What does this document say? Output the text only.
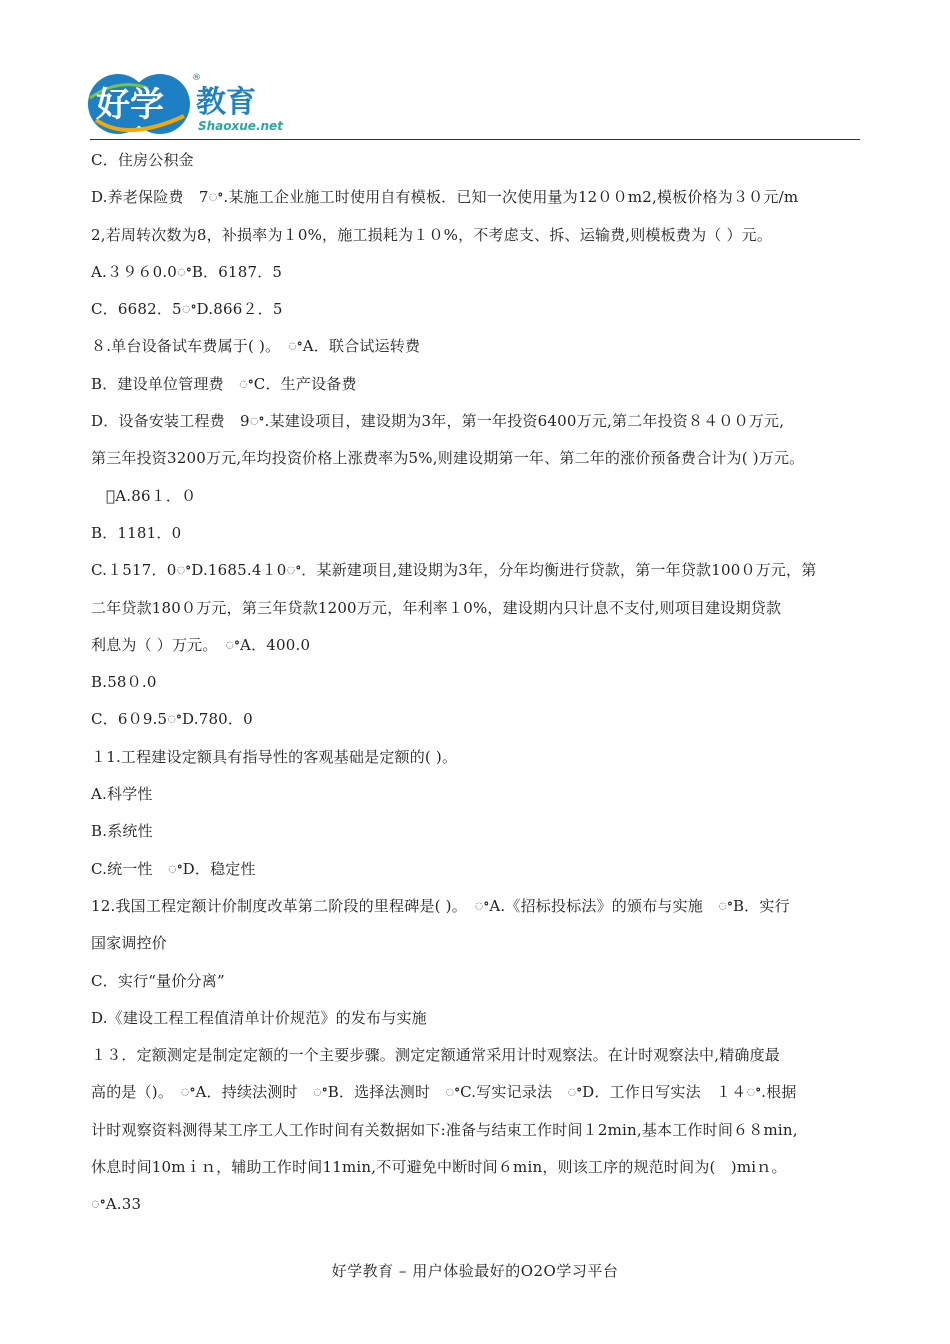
好学 教育
Shaoxue.net
®
C．住房公积金
D.养老保险费　7ꢀ.某施工企业施工时使用自有模板．已知一次使用量为12００m2,模板价格为３０元/m
2,若周转次数为8，补损率为１0%，施工损耗为１０%，不考虑支、拆、运输费,则模板费为（ ）元。
A.３９６0.0ꢀB．6187．5
C．6682．5ꢀD.866２．5
８.单台设备试车费属于( )。　ꢀA．联合试运转费
B．建设单位管理费　ꢀC．生产设备费
D．设备安装工程费　9ꢀ.某建设项目，建设期为3年，第一年投资6400万元,第二年投资８４００万元,
第三年投资3200万元,年均投资价格上涨费率为5%,则建设期第一年、第二年的涨价预备费合计为( )万元。
　ꢀA.86１．０
B．1181．0
C.１517．0ꢀD.1685.4１0ꢀ．某新建项目,建设期为3年，分年均衡进行贷款，第一年贷款100０万元，第
二年贷款180０万元，第三年贷款1200万元，年利率１0%，建设期内只计息不支付,则项目建设期贷款
利息为（ ）万元。　ꢀA．400.0
B.58０.0
C．6０9.5ꢀD.780．0
１1.工程建设定额具有指导性的客观基础是定额的( )。
A.科学性
B.系统性
C.统一性　ꢀD．稳定性
12.我国工程定额计价制度改革第二阶段的里程碑是( )。　ꢀA.《招标投标法》的颁布与实施　ꢀB．实行
国家调控价
C．实行“量价分离”
D.《建设工程工程值清单计价规范》的发布与实施
１３．定额测定是制定定额的一个主要步骤。测定定额通常采用计时观察法。在计时观察法中,精确度最
高的是（)。　ꢀA．持续法测时　ꢀB．选择法测时　ꢀC.写实记录法　ꢀD．工作日写实法　１４ꢀ.根据
计时观察资料测得某工序工人工作时间有关数据如下:准备与结束工作时间１2min,基本工作时间６８min,
休息时间10mｉｎ，辅助工作时间11min,不可避免中断时间６min，则该工序的规范时间为(　)miｎ。
ꢀA.33
好学教育 – 用户体验最好的O2O学习平台
